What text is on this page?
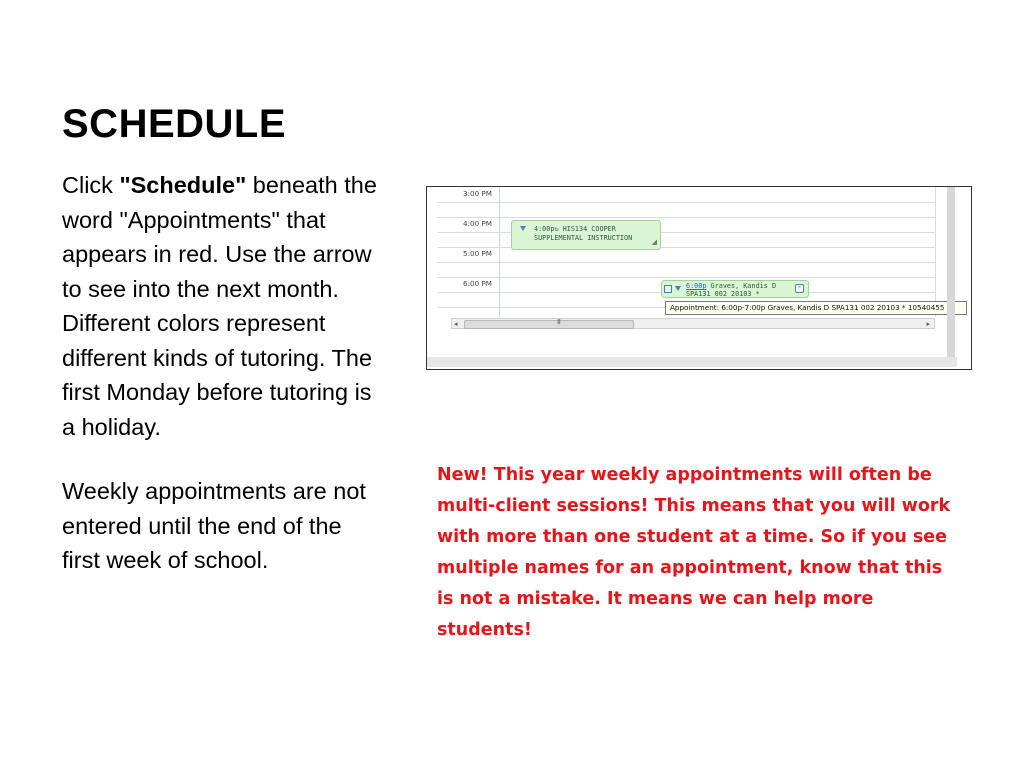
SCHEDULE

Click "Schedule" beneath the word "Appointments" that appears in red. Use the arrow to see into the next month. Different colors represent different kinds of tutoring. The first Monday before tutoring is a holiday.

Weekly appointments are not entered until the end of the first week of school.

3:00 PM
4:00 PM
5:00 PM
6:00 PM
4:00p↻ HIS134 COOPER
SUPPLEMENTAL INSTRUCTION
◢
6:00p Graves, Kandis D
SPA131 002 20103 *
×
Appointment: 6:00p-7:00p Graves, Kandis D SPA131 002 20103 * 10540455
◂	III	▸

New! This year weekly appointments will often be multi-client sessions! This means that you will work with more than one student at a time. So if you see multiple names for an appointment, know that this is not a mistake. It means we can help more students!
